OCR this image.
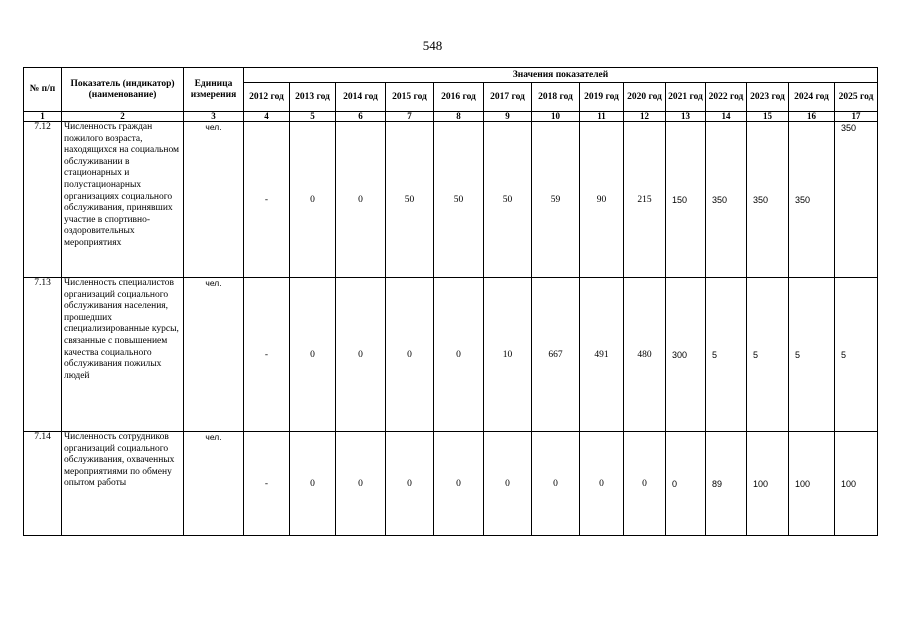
548
№ п/п	Показатель (индикатор) (наименование)	Единица измерения	Значения показателей													
			2012 год	2013 год	2014 год	2015 год	2016 год	2017 год	2018 год	2019 год	2020 год	2021 год	2022 год	2023 год	2024 год	2025 год
1	2	3	4	5	6	7	8	9	10	11	12	13	14	15	16	17
7.12	Численность граждан пожилого возраста, находящихся на социальном обслуживании в стационарных и полустационарных организациях социального обслуживания, принявших участие в спортивно-оздоровительных мероприятиях	чел.	-	0	0	50	50	50	59	90	215	150	350	350	350	350
7.13	Численность специалистов организаций социального обслуживания населения, прошедших специализированные курсы, связанные с повышением качества социального обслуживания пожилых людей	чел.	-	0	0	0	0	10	667	491	480	300	5	5	5	5
7.14	Численность сотрудников организаций социального обслуживания, охваченных мероприятиями по обмену опытом работы	чел.	-	0	0	0	0	0	0	0	0	0	89	100	100	100
